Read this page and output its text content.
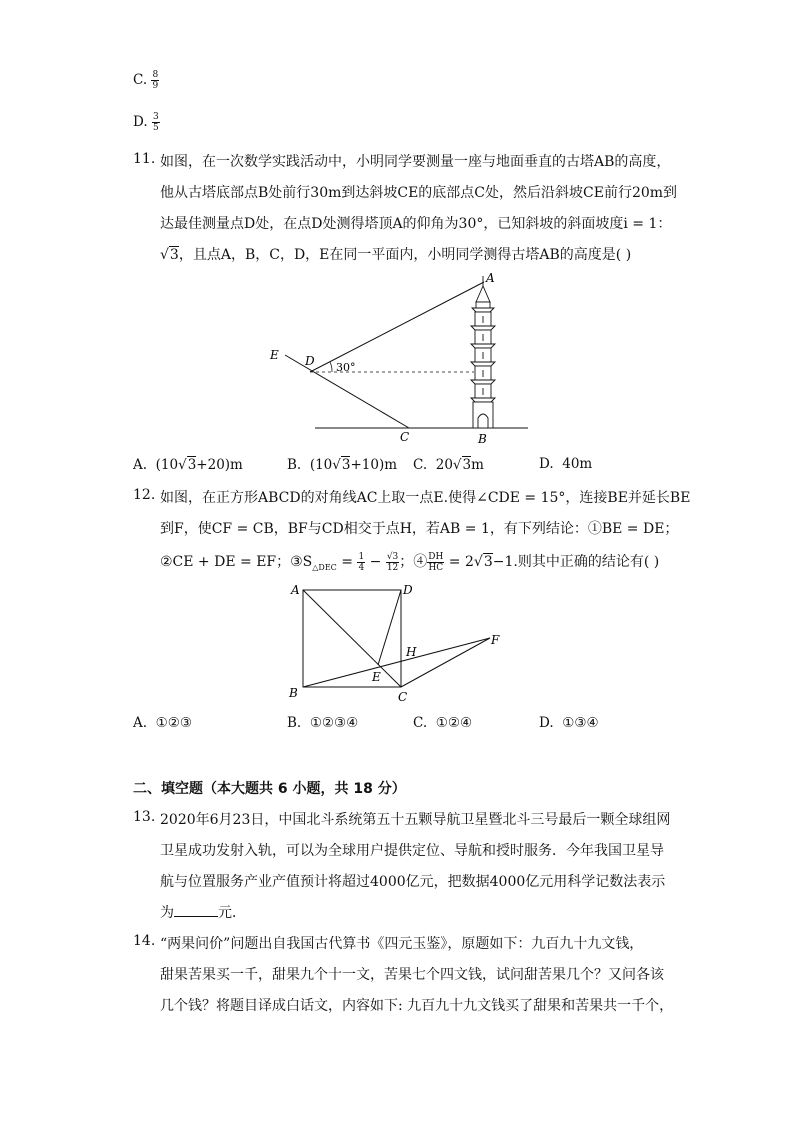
C. $\frac{8}{9}$
D. $\frac{3}{5}$
11. 如图，在一次数学实践活动中，小明同学要测量一座与地面垂直的古塔AB的高度，
他从古塔底部点B处前行30m到达斜坡CE的底部点C处，然后沿斜坡CE前行20m到
达最佳测量点D处，在点D处测得塔顶A的仰角为30°，已知斜坡的斜面坡度i = 1：
√3，且点A，B，C，D，E在同一平面内，小明同学测得古塔AB的高度是( )
A
B
C
D
E
30°
A. (10√3+20)m	B. (10√3+10)m C. 20√3m	D. 40m
12. 如图，在正方形ABCD的对角线AC上取一点E.使得∠CDE = 15°，连接BE并延长BE
到F，使CF = CB，BF与CD相交于点H，若AB = 1，有下列结论：①BE = DE；
②CE + DE = EF；$③S_{\triangle DEC} = \frac{1}{4} - \frac{√3}{12}$ ；④ $\frac{DH}{HC} = 2√3-1$.则其中正确的结论有( )
A	D
B	C
E
H
F
A. ①②③	B. ①②③④	C. ①②④	D. ①③④
二、填空题（本大题共 6 小题，共 18 分）
13. 2020年6月23日，中国北斗系统第五十五颗导航卫星暨北斗三号最后一颗全球组网
卫星成功发射入轨，可以为全球用户提供定位、导航和授时服务．今年我国卫星导
航与位置服务产业产值预计将超过4000亿元，把数据4000亿元用科学记数法表示
为	元．
14. “两果问价”问题出自我国古代算书《四元玉鉴》，原题如下：九百九十九文钱，
甜果苦果买一千，甜果九个十一文，苦果七个四文钱，试问甜苦果几个？又问各该
几个钱？将题目译成白话文，内容如下: 九百九十九文钱买了甜果和苦果共一千个，
